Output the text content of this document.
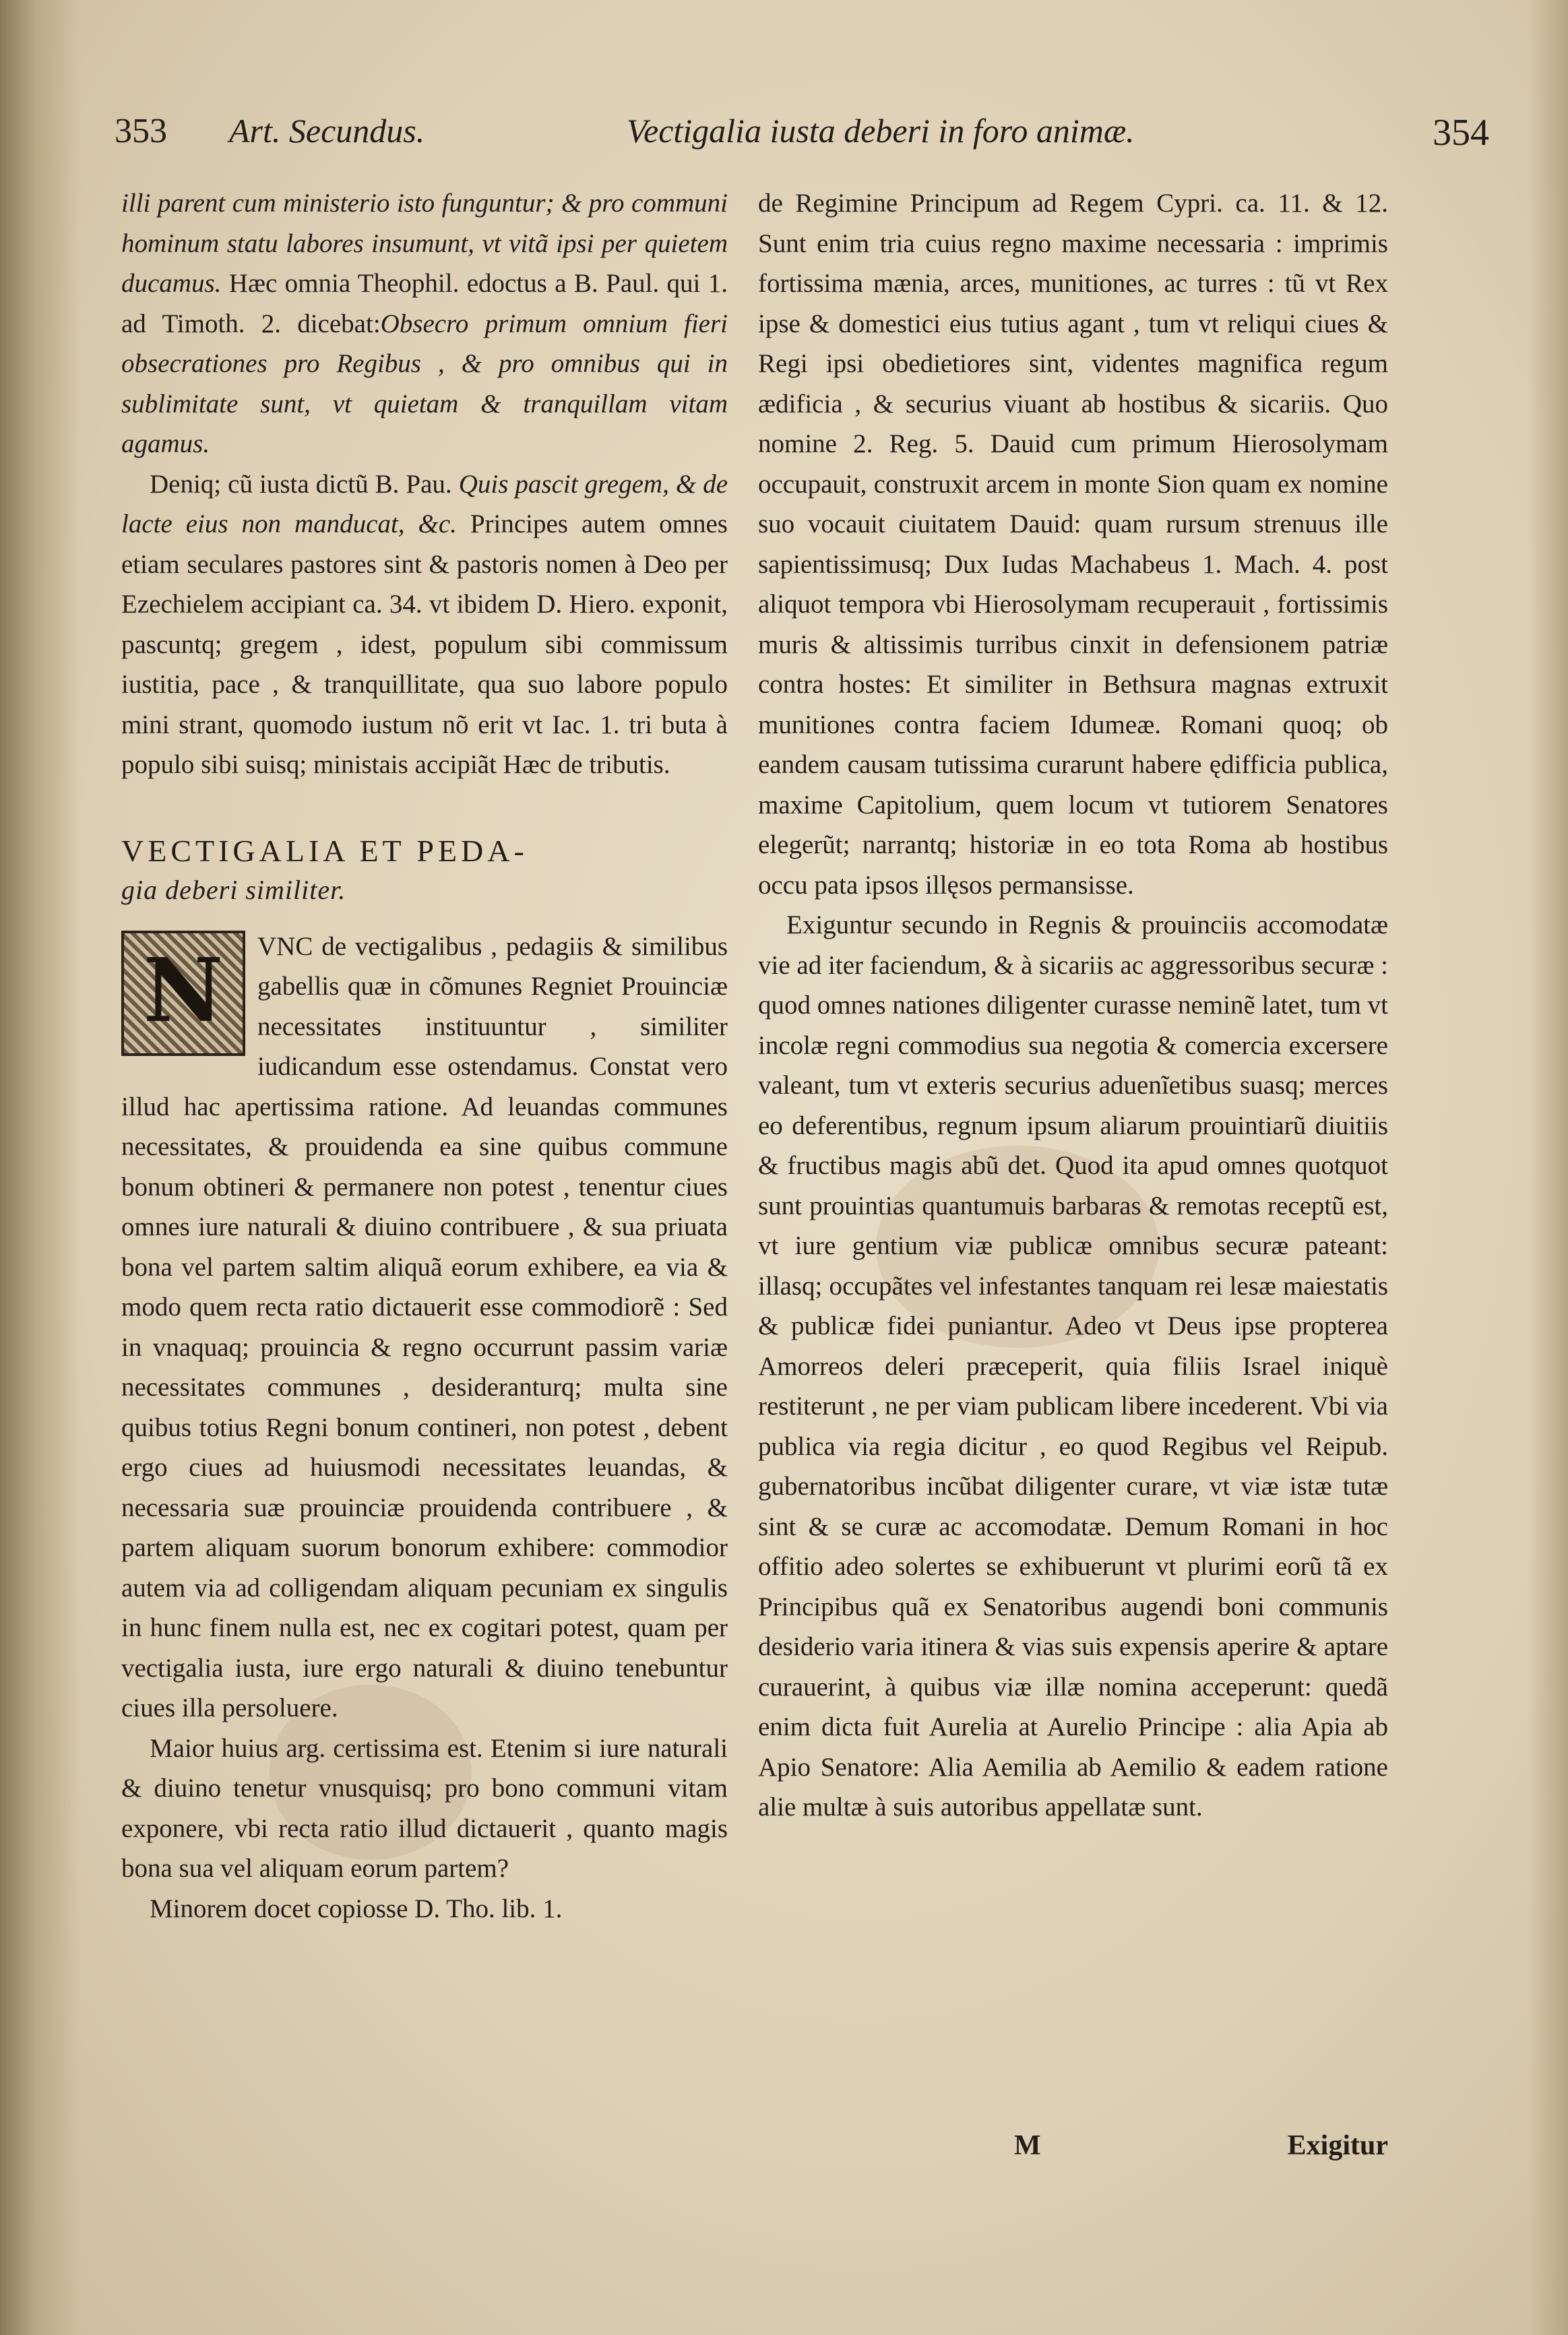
353 Art. Secundus.	Vectigalia iusta deberi in foro animæ.	354

illi parent cum ministerio isto funguntur; & pro communi hominum statu labores insumunt, vt vitã ipsi per quietem ducamus. Hæc omnia Theophil. edoctus a B. Paul. qui 1. ad Timoth. 2. dicebat:Obsecro primum omnium fieri obsecrationes pro Regibus , & pro omnibus qui in sublimitate sunt, vt quietam & tranquillam vitam agamus.

Deniq; cũ iusta dictũ B. Pau. Quis pascit gregem, & de lacte eius non manducat, &c. Principes autem omnes etiam seculares pastores sint & pastoris nomen à Deo per Ezechielem accipiant ca. 34. vt ibidem D. Hiero. exponit, pascuntq; gregem , idest, populum sibi commissum iustitia, pace , & tranquillitate, qua suo labore populo mini strant, quomodo iustum nõ erit vt Iac. 1. tri buta à populo sibi suisq; ministais accipiãt Hæc de tributis.

VECTIGALIA ET PEDA-
gia deberi similiter.
N	VNC de vectigalibus , pedagiis & similibus gabellis quæ in cõmunes Regniet Prouinciæ necessitates instituuntur , similiter iudicandum esse ostendamus. Constat vero illud hac apertissima ratione. Ad leuandas communes necessitates, & prouidenda ea sine quibus commune bonum obtineri & permanere non potest , tenentur ciues omnes iure naturali & diuino contribuere , & sua priuata bona vel partem saltim aliquã eorum exhibere, ea via & modo quem recta ratio dictauerit esse commodiorẽ : Sed in vnaquaq; prouincia & regno occurrunt passim variæ necessitates communes , desideranturq; multa sine quibus totius Regni bonum contineri, non potest , debent ergo ciues ad huiusmodi necessitates leuandas, & necessaria suæ prouinciæ prouidenda contribuere , & partem aliquam suorum bonorum exhibere: commodior autem via ad colligendam aliquam pecuniam ex singulis in hunc finem nulla est, nec ex cogitari potest, quam per vectigalia iusta, iure ergo naturali & diuino tenebuntur ciues illa persoluere.

Maior huius arg. certissima est. Etenim si iure naturali & diuino tenetur vnusquisq; pro bono communi vitam exponere, vbi recta ratio illud dictauerit , quanto magis bona sua vel aliquam eorum partem?

Minorem docet copiosse D. Tho. lib. 1.

de Regimine Principum ad Regem Cypri. ca. 11. & 12. Sunt enim tria cuius regno maxime necessaria : imprimis fortissima mænia, arces, munitiones, ac turres : tũ vt Rex ipse & domestici eius tutius agant , tum vt reliqui ciues & Regi ipsi obedietiores sint, videntes magnifica regum ædificia , & securius viuant ab hostibus & sicariis. Quo nomine 2. Reg. 5. Dauid cum primum Hierosolymam occupauit, construxit arcem in monte Sion quam ex nomine suo vocauit ciuitatem Dauid: quam rursum strenuus ille sapientissimusq; Dux Iudas Machabeus 1. Mach. 4. post aliquot tempora vbi Hierosolymam recuperauit , fortissimis muris & altissimis turribus cinxit in defensionem patriæ contra hostes: Et similiter in Bethsura magnas extruxit munitiones contra faciem Idumeæ. Romani quoq; ob eandem causam tutissima curarunt habere ędifficia publica, maxime Capitolium, quem locum vt tutiorem Senatores elegerũt; narrantq; historiæ in eo tota Roma ab hostibus occu pata ipsos illęsos permansisse.

Exiguntur secundo in Regnis & prouinciis accomodatæ vie ad iter faciendum, & à sicariis ac aggressoribus securæ : quod omnes nationes diligenter curasse neminẽ latet, tum vt incolæ regni commodius sua negotia & comercia excersere valeant, tum vt exteris securius aduenĩetibus suasq; merces eo deferentibus, regnum ipsum aliarum prouintiarũ diuitiis & fructibus magis abũ det. Quod ita apud omnes quotquot sunt prouintias quantumuis barbaras & remotas receptũ est, vt iure gentium viæ publicæ omnibus securæ pateant: illasq; occupãtes vel infestantes tanquam rei lesæ maiestatis & publicæ fidei puniantur. Adeo vt Deus ipse propterea Amorreos deleri præceperit, quia filiis Israel iniquè restiterunt , ne per viam publicam libere incederent. Vbi via publica via regia dicitur , eo quod Regibus vel Reipub. gubernatoribus incũbat diligenter curare, vt viæ istæ tutæ sint & se curæ ac accomodatæ. Demum Romani in hoc offitio adeo solertes se exhibuerunt vt plurimi eorũ tã ex Principibus quã ex Senatoribus augendi boni communis desiderio varia itinera & vias suis expensis aperire & aptare curauerint, à quibus viæ illæ nomina acceperunt: quedã enim dicta fuit Aurelia at Aurelio Principe : alia Apia ab Apio Senatore: Alia Aemilia ab Aemilio & eadem ratione alie multæ à suis autoribus appellatæ sunt.

M	Exigitur
